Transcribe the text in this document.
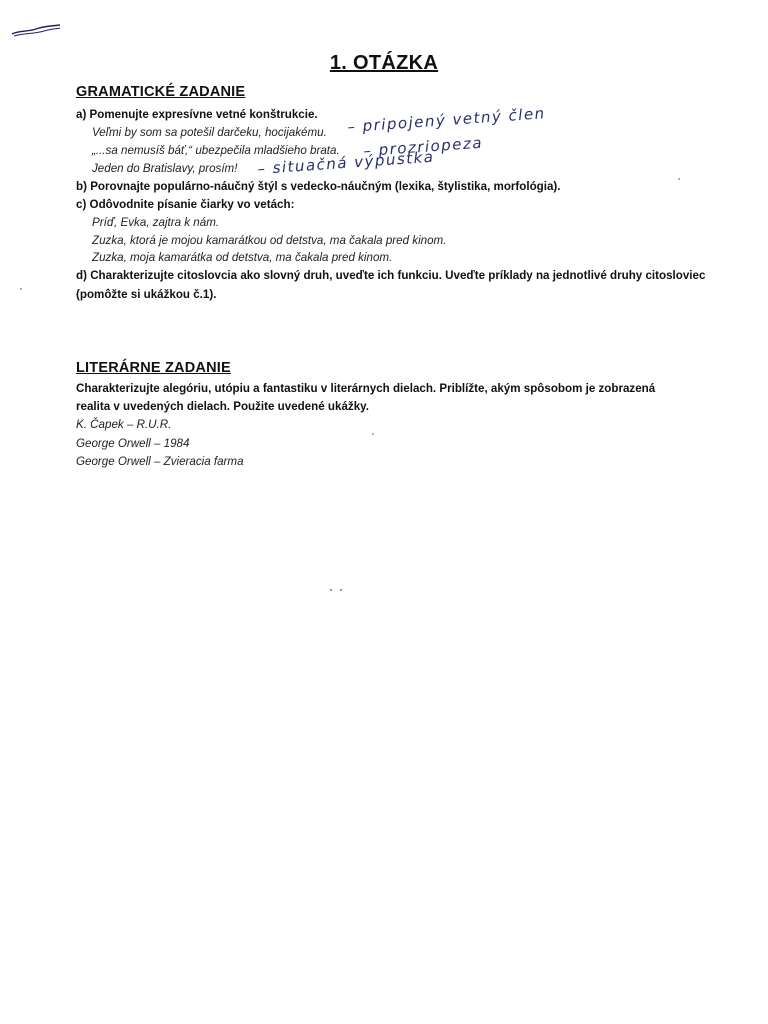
1. OTÁZKA
GRAMATICKÉ ZADANIE
a) Pomenujte expresívne vetné konštrukcie.
Veľmi by som sa potešil darčeku, hocijakému.
„...sa nemusíš báť,“ ubezpečila mladšieho brata.
Jeden do Bratislavy, prosím!
– pripojený vetný člen
– prozriopeza
– situačná výpustka
b) Porovnajte populárno-náučný štýl s vedecko-náučným (lexika, štylistika, morfológia).
c) Odôvodnite písanie čiarky vo vetách:
Príď, Evka, zajtra k nám.
Zuzka, ktorá je mojou kamarátkou od detstva, ma čakala pred kinom.
Zuzka, moja kamarátka od detstva, ma čakala pred kinom.
d) Charakterizujte citoslovcia ako slovný druh, uveďte ich funkciu. Uveďte príklady na jednotlivé druhy citosloviec
(pomôžte si ukážkou č.1).
LITERÁRNE ZADANIE
Charakterizujte alegóriu, utópiu a fantastiku v literárnych dielach. Priblížte, akým spôsobom je zobrazená
realita v uvedených dielach. Použite uvedené ukážky.
K. Čapek – R.U.R.
George Orwell – 1984
George Orwell – Zvieracia farma
